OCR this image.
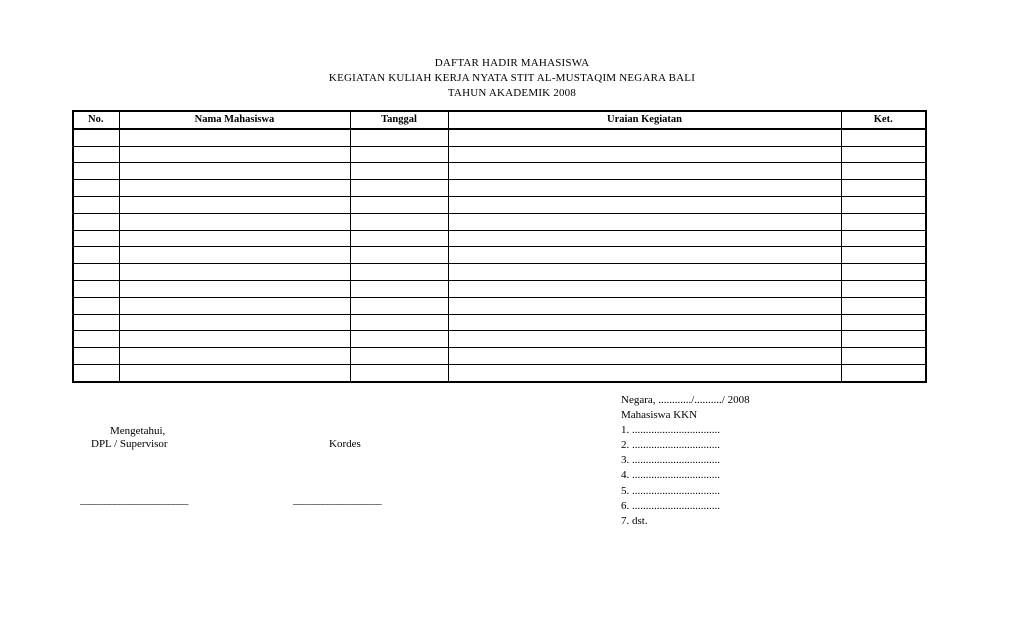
DAFTAR HADIR MAHASISWA
KEGIATAN KULIAH KERJA NYATA STIT AL-MUSTAQIM NEGARA BALI
TAHUN AKADEMIK 2008
No.	Nama Mahasiswa	Tanggal	Uraian Kegiatan	Ket.

Mengetahui,
DPL / Supervisor
______________________
Kordes
__________________
Negara, ............/........../ 2008
Mahasiswa KKN
1. ................................
2. ................................
3. ................................
4. ................................
5. ................................
6. ................................
7. dst.
